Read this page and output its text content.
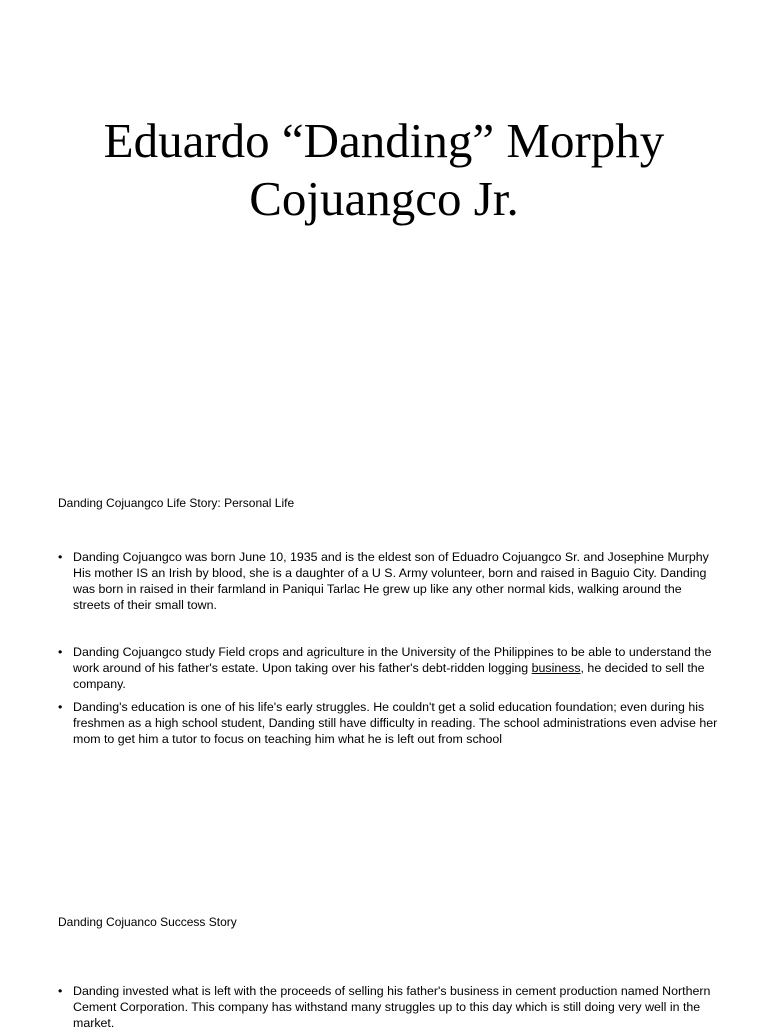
Eduardo “Danding” Morphy Cojuangco Jr.

Danding Cojuangco Life Story: Personal Life

• Danding Cojuangco was born June 10, 1935 and is the eldest son of Eduadro Cojuangco Sr. and Josephine Murphy His mother IS an Irish by blood, she is a daughter of a U S. Army volunteer, born and raised in Baguio City. Danding was born in raised in their farmland in Paniqui Tarlac He grew up like any other normal kids, walking around the streets of their small town.
• Danding Cojuangco study Field crops and agriculture in the University of the Philippines to be able to understand the work around of his father's estate. Upon taking over his father's debt-ridden logging business, he decided to sell the company.
• Danding's education is one of his life's early struggles. He couldn't get a solid education foundation; even during his freshmen as a high school student, Danding still have difficulty in reading. The school administrations even advise her mom to get him a tutor to focus on teaching him what he is left out from school

Danding Cojuanco Success Story

• Danding invested what is left with the proceeds of selling his father's business in cement production named Northern Cement Corporation. This company has withstand many struggles up to this day which is still doing very well in the market.
